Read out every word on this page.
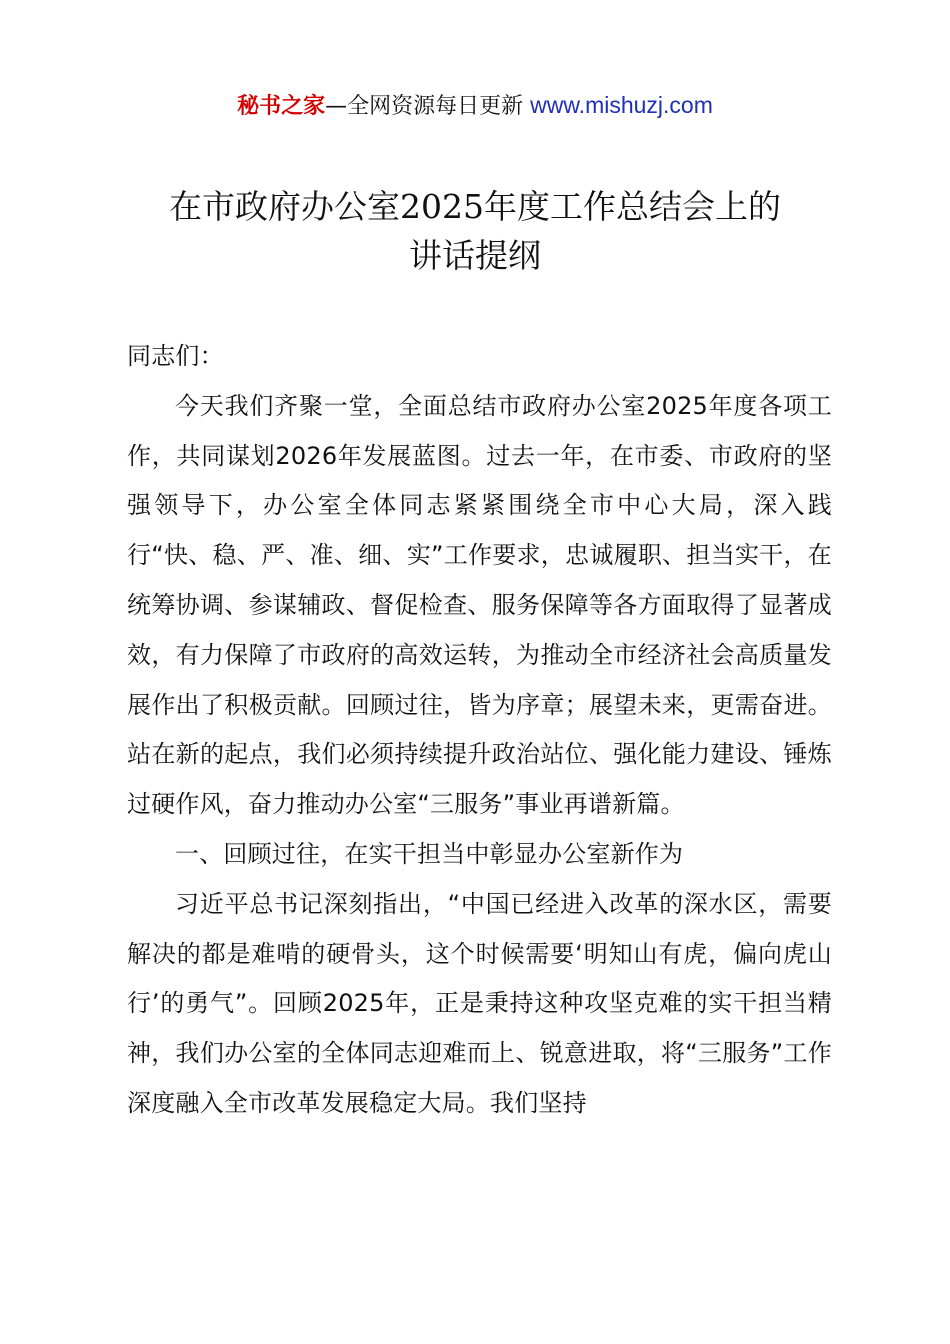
秘书之家—全网资源每日更新 www.mishuzj.com
在市政府办公室2025年度工作总结会上的
讲话提纲

同志们：

今天我们齐聚一堂，全面总结市政府办公室2025年度各项工作，共同谋划2026年发展蓝图。过去一年，在市委、市政府的坚强领导下，办公室全体同志紧紧围绕全市中心大局，深入践行“快、稳、严、准、细、实”工作要求，忠诚履职、担当实干，在统筹协调、参谋辅政、督促检查、服务保障等各方面取得了显著成效，有力保障了市政府的高效运转，为推动全市经济社会高质量发展作出了积极贡献。回顾过往，皆为序章；展望未来，更需奋进。站在新的起点，我们必须持续提升政治站位、强化能力建设、锤炼过硬作风，奋力推动办公室“三服务”事业再谱新篇。

一、回顾过往，在实干担当中彰显办公室新作为

习近平总书记深刻指出，“中国已经进入改革的深水区，需要解决的都是难啃的硬骨头，这个时候需要‘明知山有虎，偏向虎山行’的勇气”。回顾2025年，正是秉持这种攻坚克难的实干担当精神，我们办公室的全体同志迎难而上、锐意进取，将“三服务”工作深度融入全市改革发展稳定大局。我们坚持
